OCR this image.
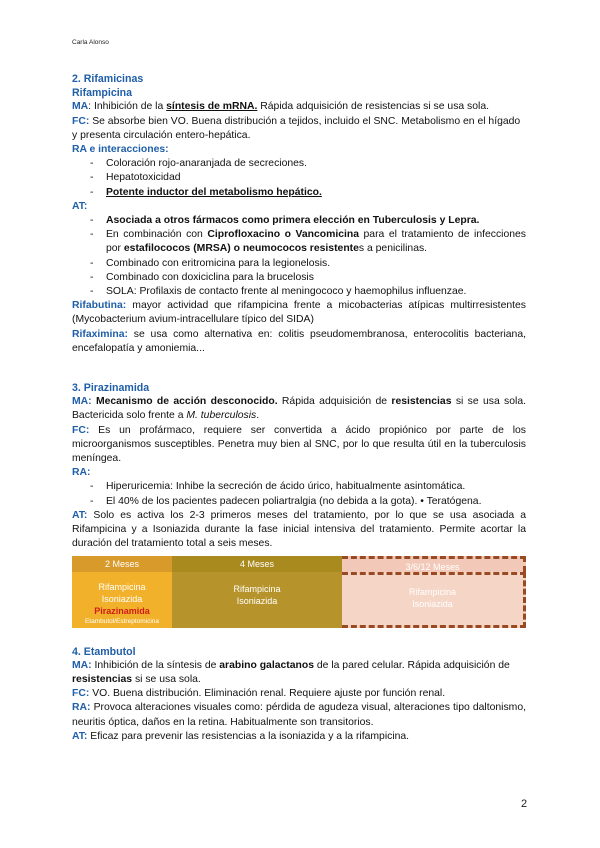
Carla Alonso
2. Rifamicinas
Rifampicina

MA: Inhibición de la síntesis de mRNA. Rápida adquisición de resistencias si se usa sola.

FC: Se absorbe bien VO. Buena distribución a tejidos, incluido el SNC. Metabolismo en el hígado y presenta circulación entero-hepática.

RA e interacciones:
- Coloración rojo-anaranjada de secreciones.
- Hepatotoxicidad
- Potente inductor del metabolismo hepático.
AT:
- Asociada a otros fármacos como primera elección en Tuberculosis y Lepra.
- En combinación con Ciprofloxacino o Vancomicina para el tratamiento de infecciones por estafilococos (MRSA) o neumococos resistentes a penicilinas.
- Combinado con eritromicina para la legionelosis.
- Combinado con doxiciclina para la brucelosis
- SOLA: Profilaxis de contacto frente al meningococo y haemophilus influenzae.

Rifabutina: mayor actividad que rifampicina frente a micobacterias atípicas multirresistentes (Mycobacterium avium-intracellulare típico del SIDA)

Rifaximina: se usa como alternativa en: colitis pseudomembranosa, enterocolitis bacteriana, encefalopatía y amoniemia...

3. Pirazinamida

MA: Mecanismo de acción desconocido. Rápida adquisición de resistencias si se usa sola. Bactericida solo frente a M. tuberculosis.

FC: Es un profármaco, requiere ser convertida a ácido propiónico por parte de los microorganismos susceptibles. Penetra muy bien al SNC, por lo que resulta útil en la tuberculosis meníngea.

RA:
- Hiperuricemia: Inhibe la secreción de ácido úrico, habitualmente asintomática.
- El 40% de los pacientes padecen poliartralgia (no debida a la gota). • Teratógena.

AT: Solo es activa los 2-3 primeros meses del tratamiento, por lo que se usa asociada a Rifampicina y a Isoniazida durante la fase inicial intensiva del tratamiento. Permite acortar la duración del tratamiento total a seis meses.

2 Meses	4 Meses	3/6/12 Meses
Rifampicina
Isoniazida
Pirazinamida
Etambutol/Estreptomicina
Rifampicina
Isoniazida
Rifampicina
Isoniazida
4. Etambutol

MA: Inhibición de la síntesis de arabino galactanos de la pared celular. Rápida adquisición de resistencias si se usa sola.

FC: VO. Buena distribución. Eliminación renal. Requiere ajuste por función renal.

RA: Provoca alteraciones visuales como: pérdida de agudeza visual, alteraciones tipo daltonismo, neuritis óptica, daños en la retina. Habitualmente son transitorios.

AT: Eficaz para prevenir las resistencias a la isoniazida y a la rifampicina.

2
